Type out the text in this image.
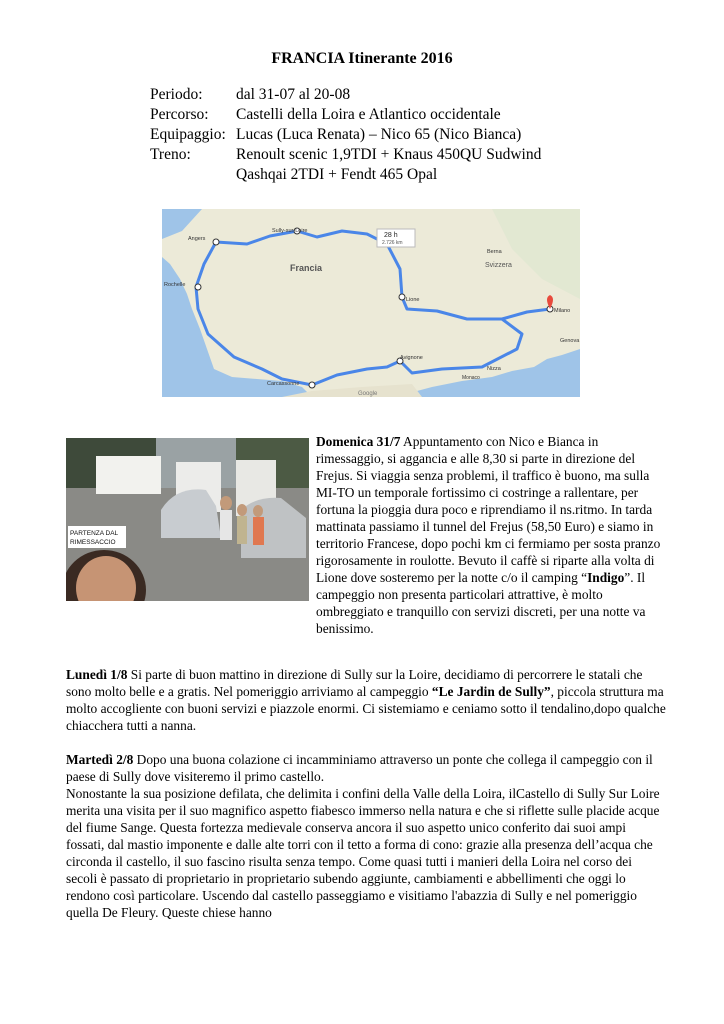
FRANCIA Itinerante 2016
Periodo:	dal 31-07 al 20-08
Percorso:	Castelli della Loira e Atlantico occidentale
Equipaggio: Lucas (Luca Renata) – Nico 65 (Nico Bianca)
Treno:	Renoult scenic 1,9TDI + Knaus 450QU Sudwind
Qashqai 2TDI + Fendt 465 Opal
28 h
2.726 km
Francia
Sully-sur-Loire
Angers
Rochelle
Lione
Milano
Avignone
Carcassonne
Svizzera
Berna
Nizza
Monaco
Genova
Google
PARTENZA DAL
RIMESSACCIO

Domenica 31/7 Appuntamento con Nico e Bianca in rimessaggio, si aggancia e alle 8,30 si parte in direzione del Frejus. Si viaggia senza problemi, il traffico è buono, ma sulla MI-TO un temporale fortissimo ci costringe a rallentare, per fortuna la pioggia dura poco e riprendiamo il ns.ritmo. In tarda mattinata passiamo il tunnel del Frejus (58,50 Euro) e siamo in territorio Francese, dopo pochi km ci fermiamo per sosta pranzo rigorosamente in roulotte. Bevuto il caffè si riparte alla volta di Lione dove sosteremo per la notte c/o il camping “Indigo”. Il campeggio non presenta particolari attrattive, è molto ombreggiato e tranquillo con servizi discreti, per una notte va benissimo.

Lunedì 1/8 Si parte di buon mattino in direzione di Sully sur la Loire, decidiamo di percorrere le statali che sono molto belle e a gratis. Nel pomeriggio arriviamo al campeggio “Le Jardin de Sully”, piccola struttura ma molto accogliente con buoni servizi e piazzole enormi. Ci sistemiamo e ceniamo sotto il tendalino,dopo qualche chiacchera tutti a nanna.

Martedì 2/8 Dopo una buona colazione ci incamminiamo attraverso un ponte che collega il campeggio con il paese di Sully dove visiteremo il primo castello.
Nonostante la sua posizione defilata, che delimita i confini della Valle della Loira, ilCastello di Sully Sur Loire merita una visita per il suo magnifico aspetto fiabesco immerso nella natura e che si riflette sulle placide acque del fiume Sange. Questa fortezza medievale conserva ancora il suo aspetto unico conferito dai suoi ampi fossati, dal mastio imponente e dalle alte torri con il tetto a forma di cono: grazie alla presenza dell’acqua che circonda il castello, il suo fascino risulta senza tempo. Come quasi tutti i manieri della Loira nel corso dei secoli è passato di proprietario in proprietario subendo aggiunte, cambiamenti e abbellimenti che oggi lo rendono così particolare. Uscendo dal castello passeggiamo e visitiamo l'abazzia di Sully e nel pomeriggio quella De Fleury. Queste chiese hanno
